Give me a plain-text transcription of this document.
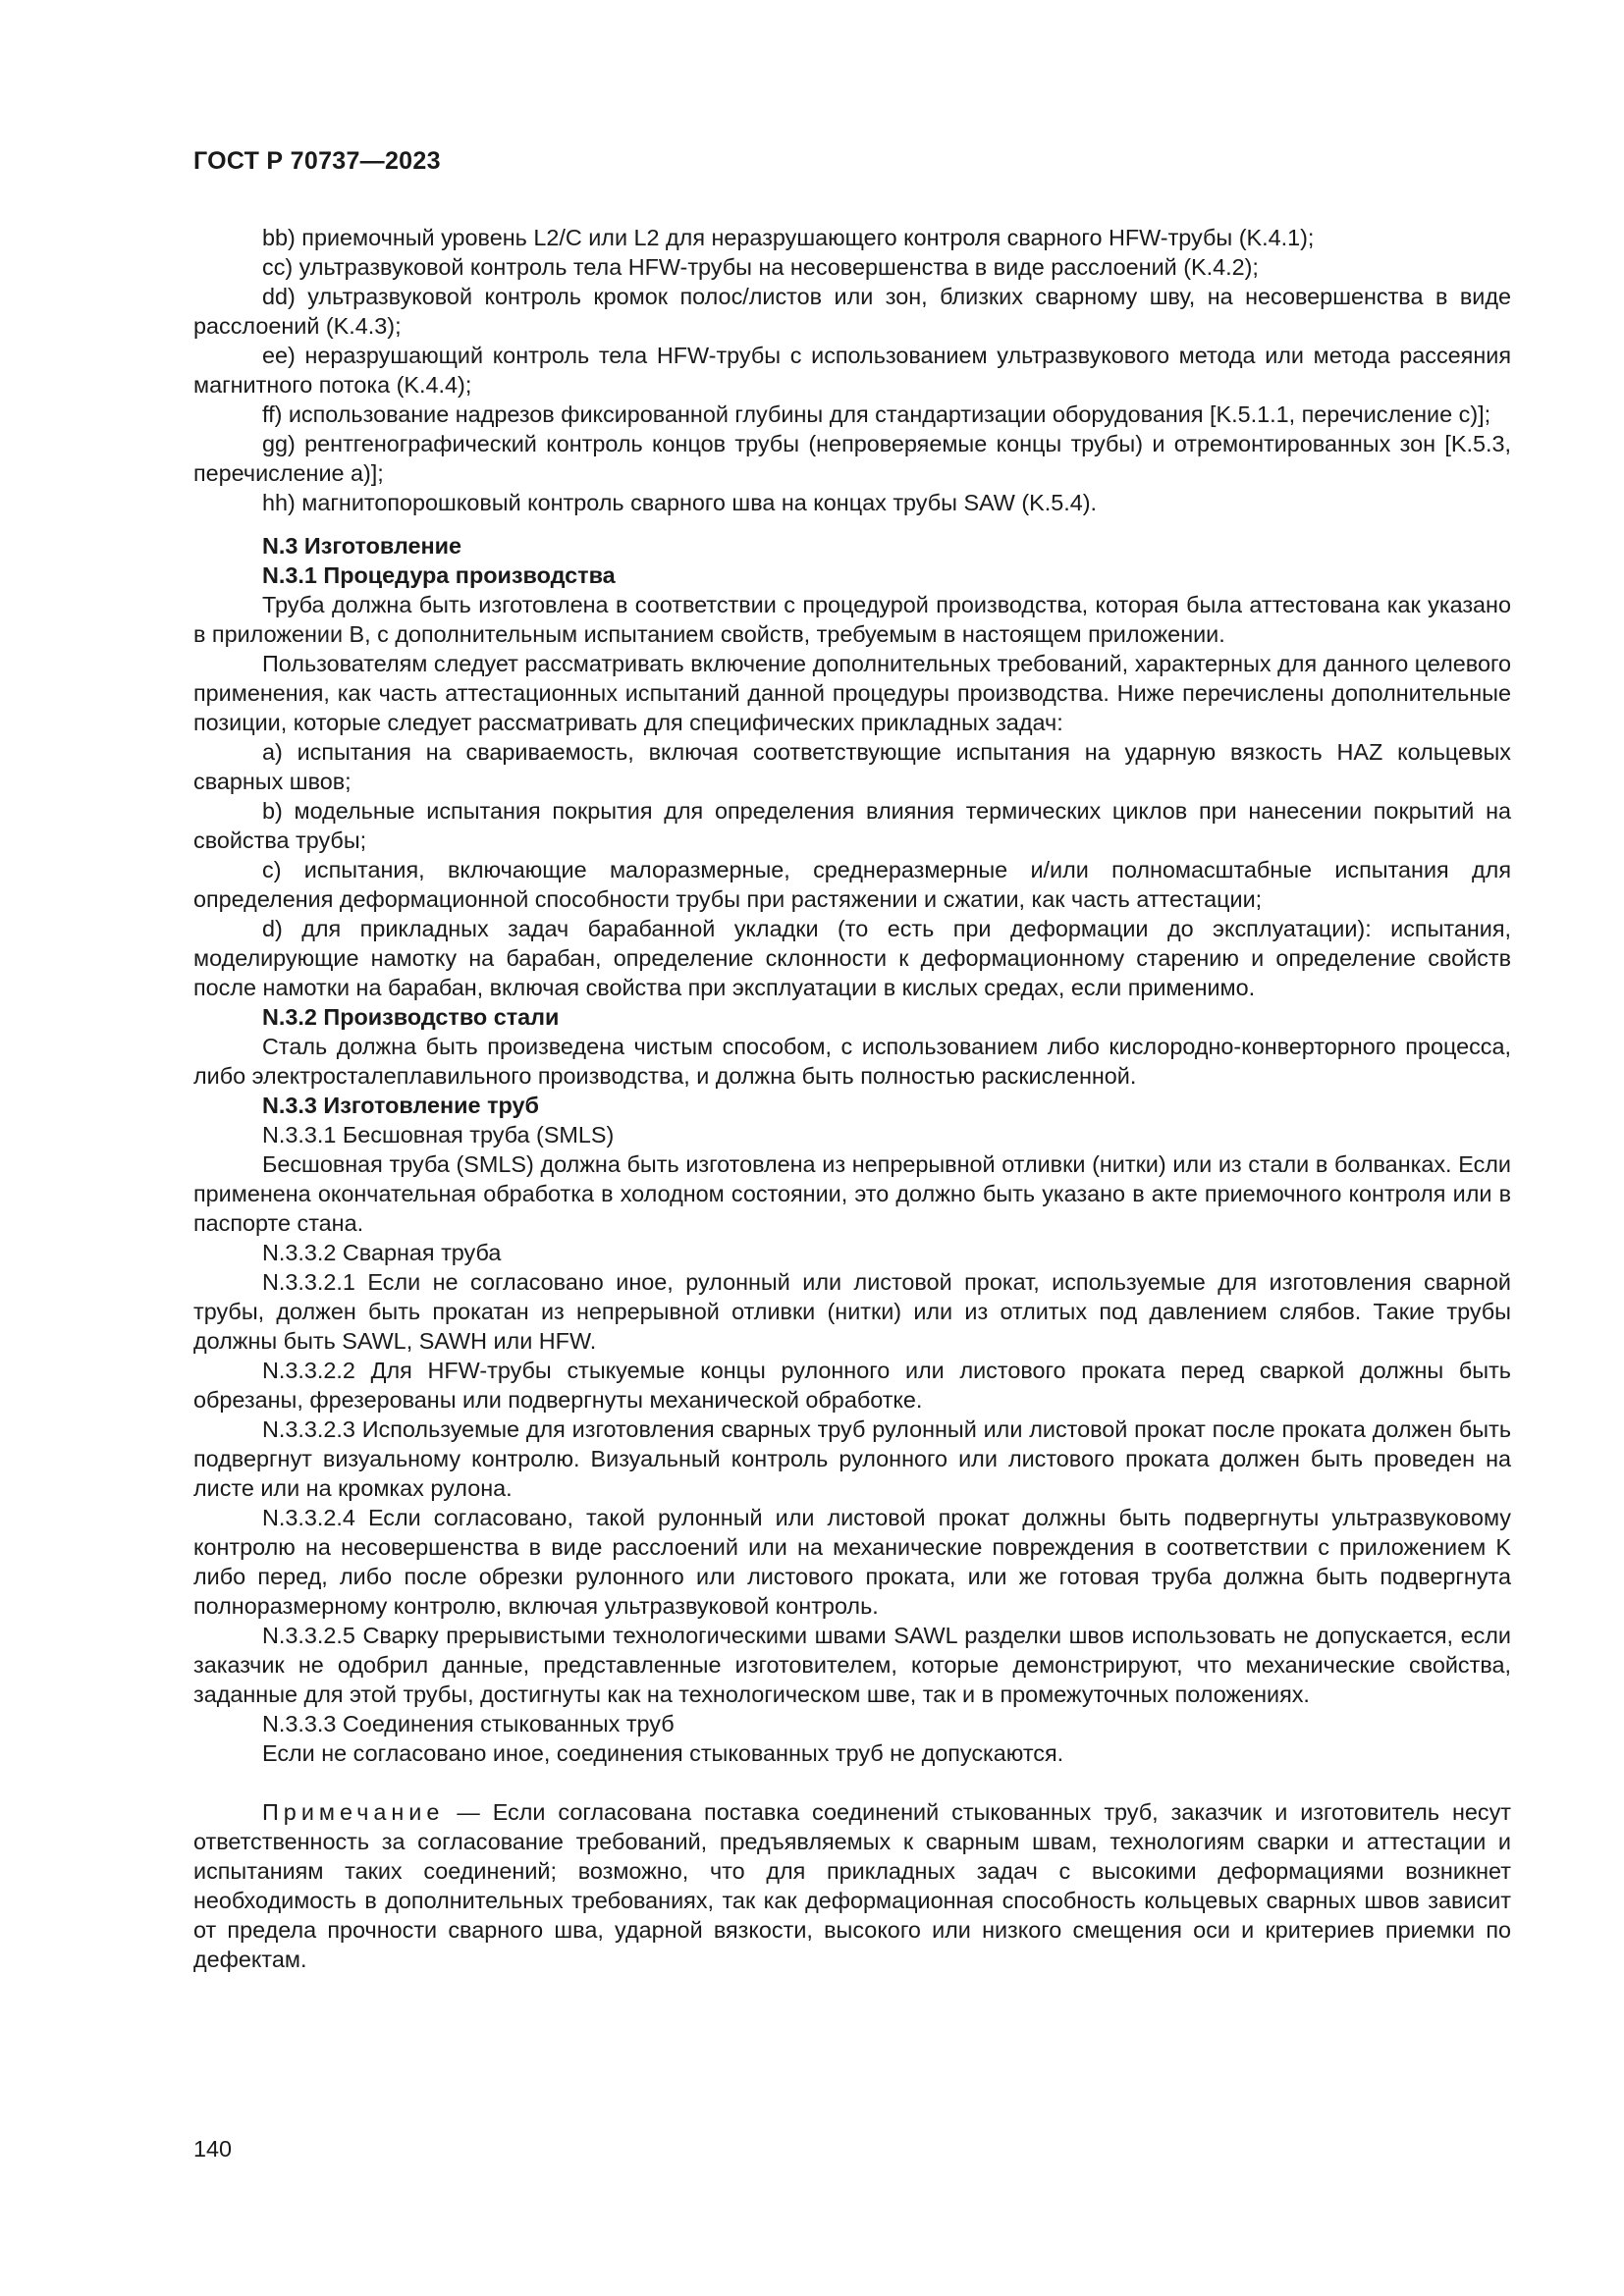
ГОСТ Р 70737—2023

bb) приемочный уровень L2/C или L2 для неразрушающего контроля сварного HFW-трубы (K.4.1);

cc) ультразвуковой контроль тела HFW-трубы на несовершенства в виде расслоений (K.4.2);

dd) ультразвуковой контроль кромок полос/листов или зон, близких сварному шву, на несовершенства в виде расслоений (K.4.3);

ee) неразрушающий контроль тела HFW-трубы с использованием ультразвукового метода или метода рассеяния магнитного потока (K.4.4);

ff) использование надрезов фиксированной глубины для стандартизации оборудования [K.5.1.1, перечисление c)];

gg) рентгенографический контроль концов трубы (непроверяемые концы трубы) и отремонтированных зон [K.5.3, перечисление a)];

hh) магнитопорошковый контроль сварного шва на концах трубы SAW (K.5.4).

N.3 Изготовление

N.3.1 Процедура производства

Труба должна быть изготовлена в соответствии с процедурой производства, которая была аттестована как указано в приложении B, с дополнительным испытанием свойств, требуемым в настоящем приложении.

Пользователям следует рассматривать включение дополнительных требований, характерных для данного целевого применения, как часть аттестационных испытаний данной процедуры производства. Ниже перечислены дополнительные позиции, которые следует рассматривать для специфических прикладных задач:

a) испытания на свариваемость, включая соответствующие испытания на ударную вязкость HAZ кольцевых сварных швов;

b) модельные испытания покрытия для определения влияния термических циклов при нанесении покрытий на свойства трубы;

c) испытания, включающие малоразмерные, среднеразмерные и/или полномасштабные испытания для определения деформационной способности трубы при растяжении и сжатии, как часть аттестации;

d) для прикладных задач барабанной укладки (то есть при деформации до эксплуатации): испытания, моделирующие намотку на барабан, определение склонности к деформационному старению и определение свойств после намотки на барабан, включая свойства при эксплуатации в кислых средах, если применимо.

N.3.2 Производство стали

Сталь должна быть произведена чистым способом, с использованием либо кислородно-конверторного процесса, либо электросталеплавильного производства, и должна быть полностью раскисленной.

N.3.3 Изготовление труб

N.3.3.1 Бесшовная труба (SMLS)

Бесшовная труба (SMLS) должна быть изготовлена из непрерывной отливки (нитки) или из стали в болванках. Если применена окончательная обработка в холодном состоянии, это должно быть указано в акте приемочного контроля или в паспорте стана.

N.3.3.2 Сварная труба

N.3.3.2.1 Если не согласовано иное, рулонный или листовой прокат, используемые для изготовления сварной трубы, должен быть прокатан из непрерывной отливки (нитки) или из отлитых под давлением слябов. Такие трубы должны быть SAWL, SAWH или HFW.

N.3.3.2.2 Для HFW-трубы стыкуемые концы рулонного или листового проката перед сваркой должны быть обрезаны, фрезерованы или подвергнуты механической обработке.

N.3.3.2.3 Используемые для изготовления сварных труб рулонный или листовой прокат после проката должен быть подвергнут визуальному контролю. Визуальный контроль рулонного или листового проката должен быть проведен на листе или на кромках рулона.

N.3.3.2.4 Если согласовано, такой рулонный или листовой прокат должны быть подвергнуты ультразвуковому контролю на несовершенства в виде расслоений или на механические повреждения в соответствии с приложением K либо перед, либо после обрезки рулонного или листового проката, или же готовая труба должна быть подвергнута полноразмерному контролю, включая ультразвуковой контроль.

N.3.3.2.5 Сварку прерывистыми технологическими швами SAWL разделки швов использовать не допускается, если заказчик не одобрил данные, представленные изготовителем, которые демонстрируют, что механические свойства, заданные для этой трубы, достигнуты как на технологическом шве, так и в промежуточных положениях.

N.3.3.3 Соединения стыкованных труб

Если не согласовано иное, соединения стыкованных труб не допускаются.

Примечание — Если согласована поставка соединений стыкованных труб, заказчик и изготовитель несут ответственность за согласование требований, предъявляемых к сварным швам, технологиям сварки и аттестации и испытаниям таких соединений; возможно, что для прикладных задач с высокими деформациями возникнет необходимость в дополнительных требованиях, так как деформационная способность кольцевых сварных швов зависит от предела прочности сварного шва, ударной вязкости, высокого или низкого смещения оси и критериев приемки по дефектам.

140
